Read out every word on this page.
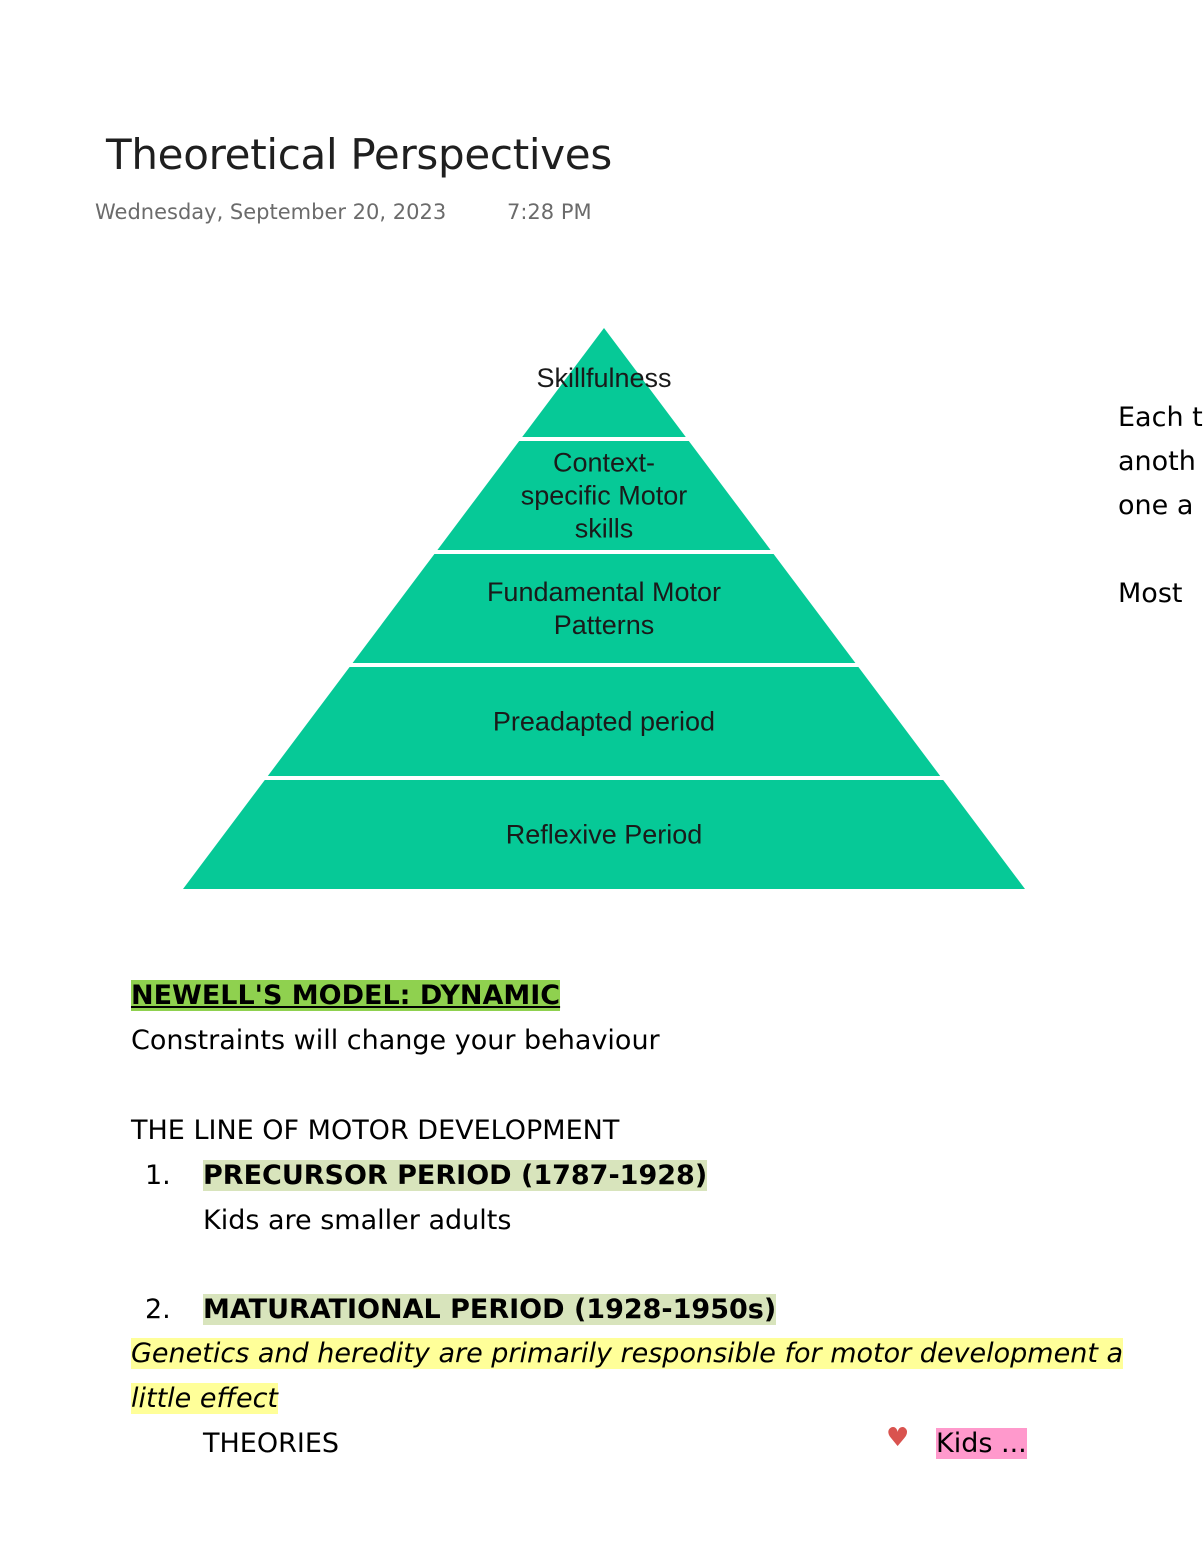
Theoretical Perspectives
Wednesday, September 20, 2023	7:28 PM
Skillfulness
Context-
specific Motor
skills
Fundamental Motor
Patterns
Preadapted period
Reflexive Period
Each t
anoth
one a
Most
NEWELL'S MODEL: DYNAMIC
Constraints will change your behaviour
THE LINE OF MOTOR DEVELOPMENT
1. PRECURSOR PERIOD (1787-1928)
Kids are smaller adults
2. MATURATIONAL PERIOD (1928-1950s)
Genetics and heredity are primarily responsible for motor development a
little effect
THEORIES	♥ Kids ...
